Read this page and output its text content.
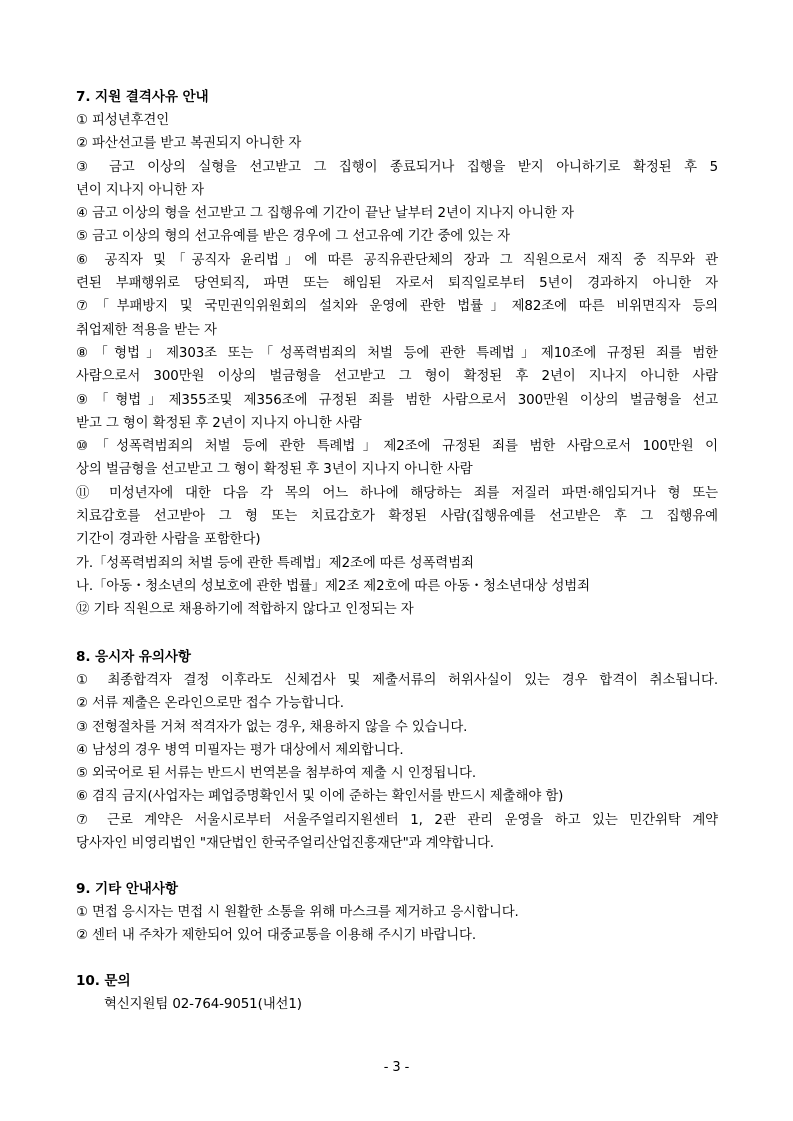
7. 지원 결격사유 안내
① 피성년후견인
② 파산선고를 받고 복권되지 아니한 자
③ 금고 이상의 실형을 선고받고 그 집행이 종료되거나 집행을 받지 아니하기로 확정된 후 5
년이 지나지 아니한 자
④ 금고 이상의 형을 선고받고 그 집행유예 기간이 끝난 날부터 2년이 지나지 아니한 자
⑤ 금고 이상의 형의 선고유예를 받은 경우에 그 선고유예 기간 중에 있는 자
⑥ 공직자 및「공직자 윤리법」에 따른 공직유관단체의 장과 그 직원으로서 재직 중 직무와 관
련된 부패행위로 당연퇴직, 파면 또는 해임된 자로서 퇴직일로부터 5년이 경과하지 아니한 자
⑦「부패방지 및 국민권익위원회의 설치와 운영에 관한 법률」제82조에 따른 비위면직자 등의
취업제한 적용을 받는 자
⑧「형법」제303조 또는「성폭력범죄의 처벌 등에 관한 특례법」제10조에 규정된 죄를 범한
사람으로서 300만원 이상의 벌금형을 선고받고 그 형이 확정된 후 2년이 지나지 아니한 사람
⑨「형법」제355조및 제356조에 규정된 죄를 범한 사람으로서 300만원 이상의 벌금형을 선고
받고 그 형이 확정된 후 2년이 지나지 아니한 사람
⑩「성폭력범죄의 처벌 등에 관한 특례법」제2조에 규정된 죄를 범한 사람으로서 100만원 이
상의 벌금형을 선고받고 그 형이 확정된 후 3년이 지나지 아니한 사람
⑪ 미성년자에 대한 다음 각 목의 어느 하나에 해당하는 죄를 저질러 파면·해임되거나 형 또는
치료감호를 선고받아 그 형 또는 치료감호가 확정된 사람(집행유예를 선고받은 후 그 집행유예
기간이 경과한 사람을 포함한다)
가.「성폭력범죄의 처벌 등에 관한 특례법」제2조에 따른 성폭력범죄
나.「아동・청소년의 성보호에 관한 법률」제2조 제2호에 따른 아동・청소년대상 성범죄
⑫ 기타 직원으로 채용하기에 적합하지 않다고 인정되는 자
8. 응시자 유의사항
① 최종합격자 결정 이후라도 신체검사 및 제출서류의 허위사실이 있는 경우 합격이 취소됩니다.
② 서류 제출은 온라인으로만 접수 가능합니다.
③ 전형절차를 거쳐 적격자가 없는 경우, 채용하지 않을 수 있습니다.
④ 남성의 경우 병역 미필자는 평가 대상에서 제외합니다.
⑤ 외국어로 된 서류는 반드시 번역본을 첨부하여 제출 시 인정됩니다.
⑥ 겸직 금지(사업자는 폐업증명확인서 및 이에 준하는 확인서를 반드시 제출해야 함)
⑦ 근로 계약은 서울시로부터 서울주얼리지원센터 1, 2관 관리 운영을 하고 있는 민간위탁 계약
당사자인 비영리법인 "재단법인 한국주얼리산업진흥재단"과 계약합니다.
9. 기타 안내사항
① 면접 응시자는 면접 시 원활한 소통을 위해 마스크를 제거하고 응시합니다.
② 센터 내 주차가 제한되어 있어 대중교통을 이용해 주시기 바랍니다.
10. 문의
혁신지원팀 02-764-9051(내선1)
- 3 -
